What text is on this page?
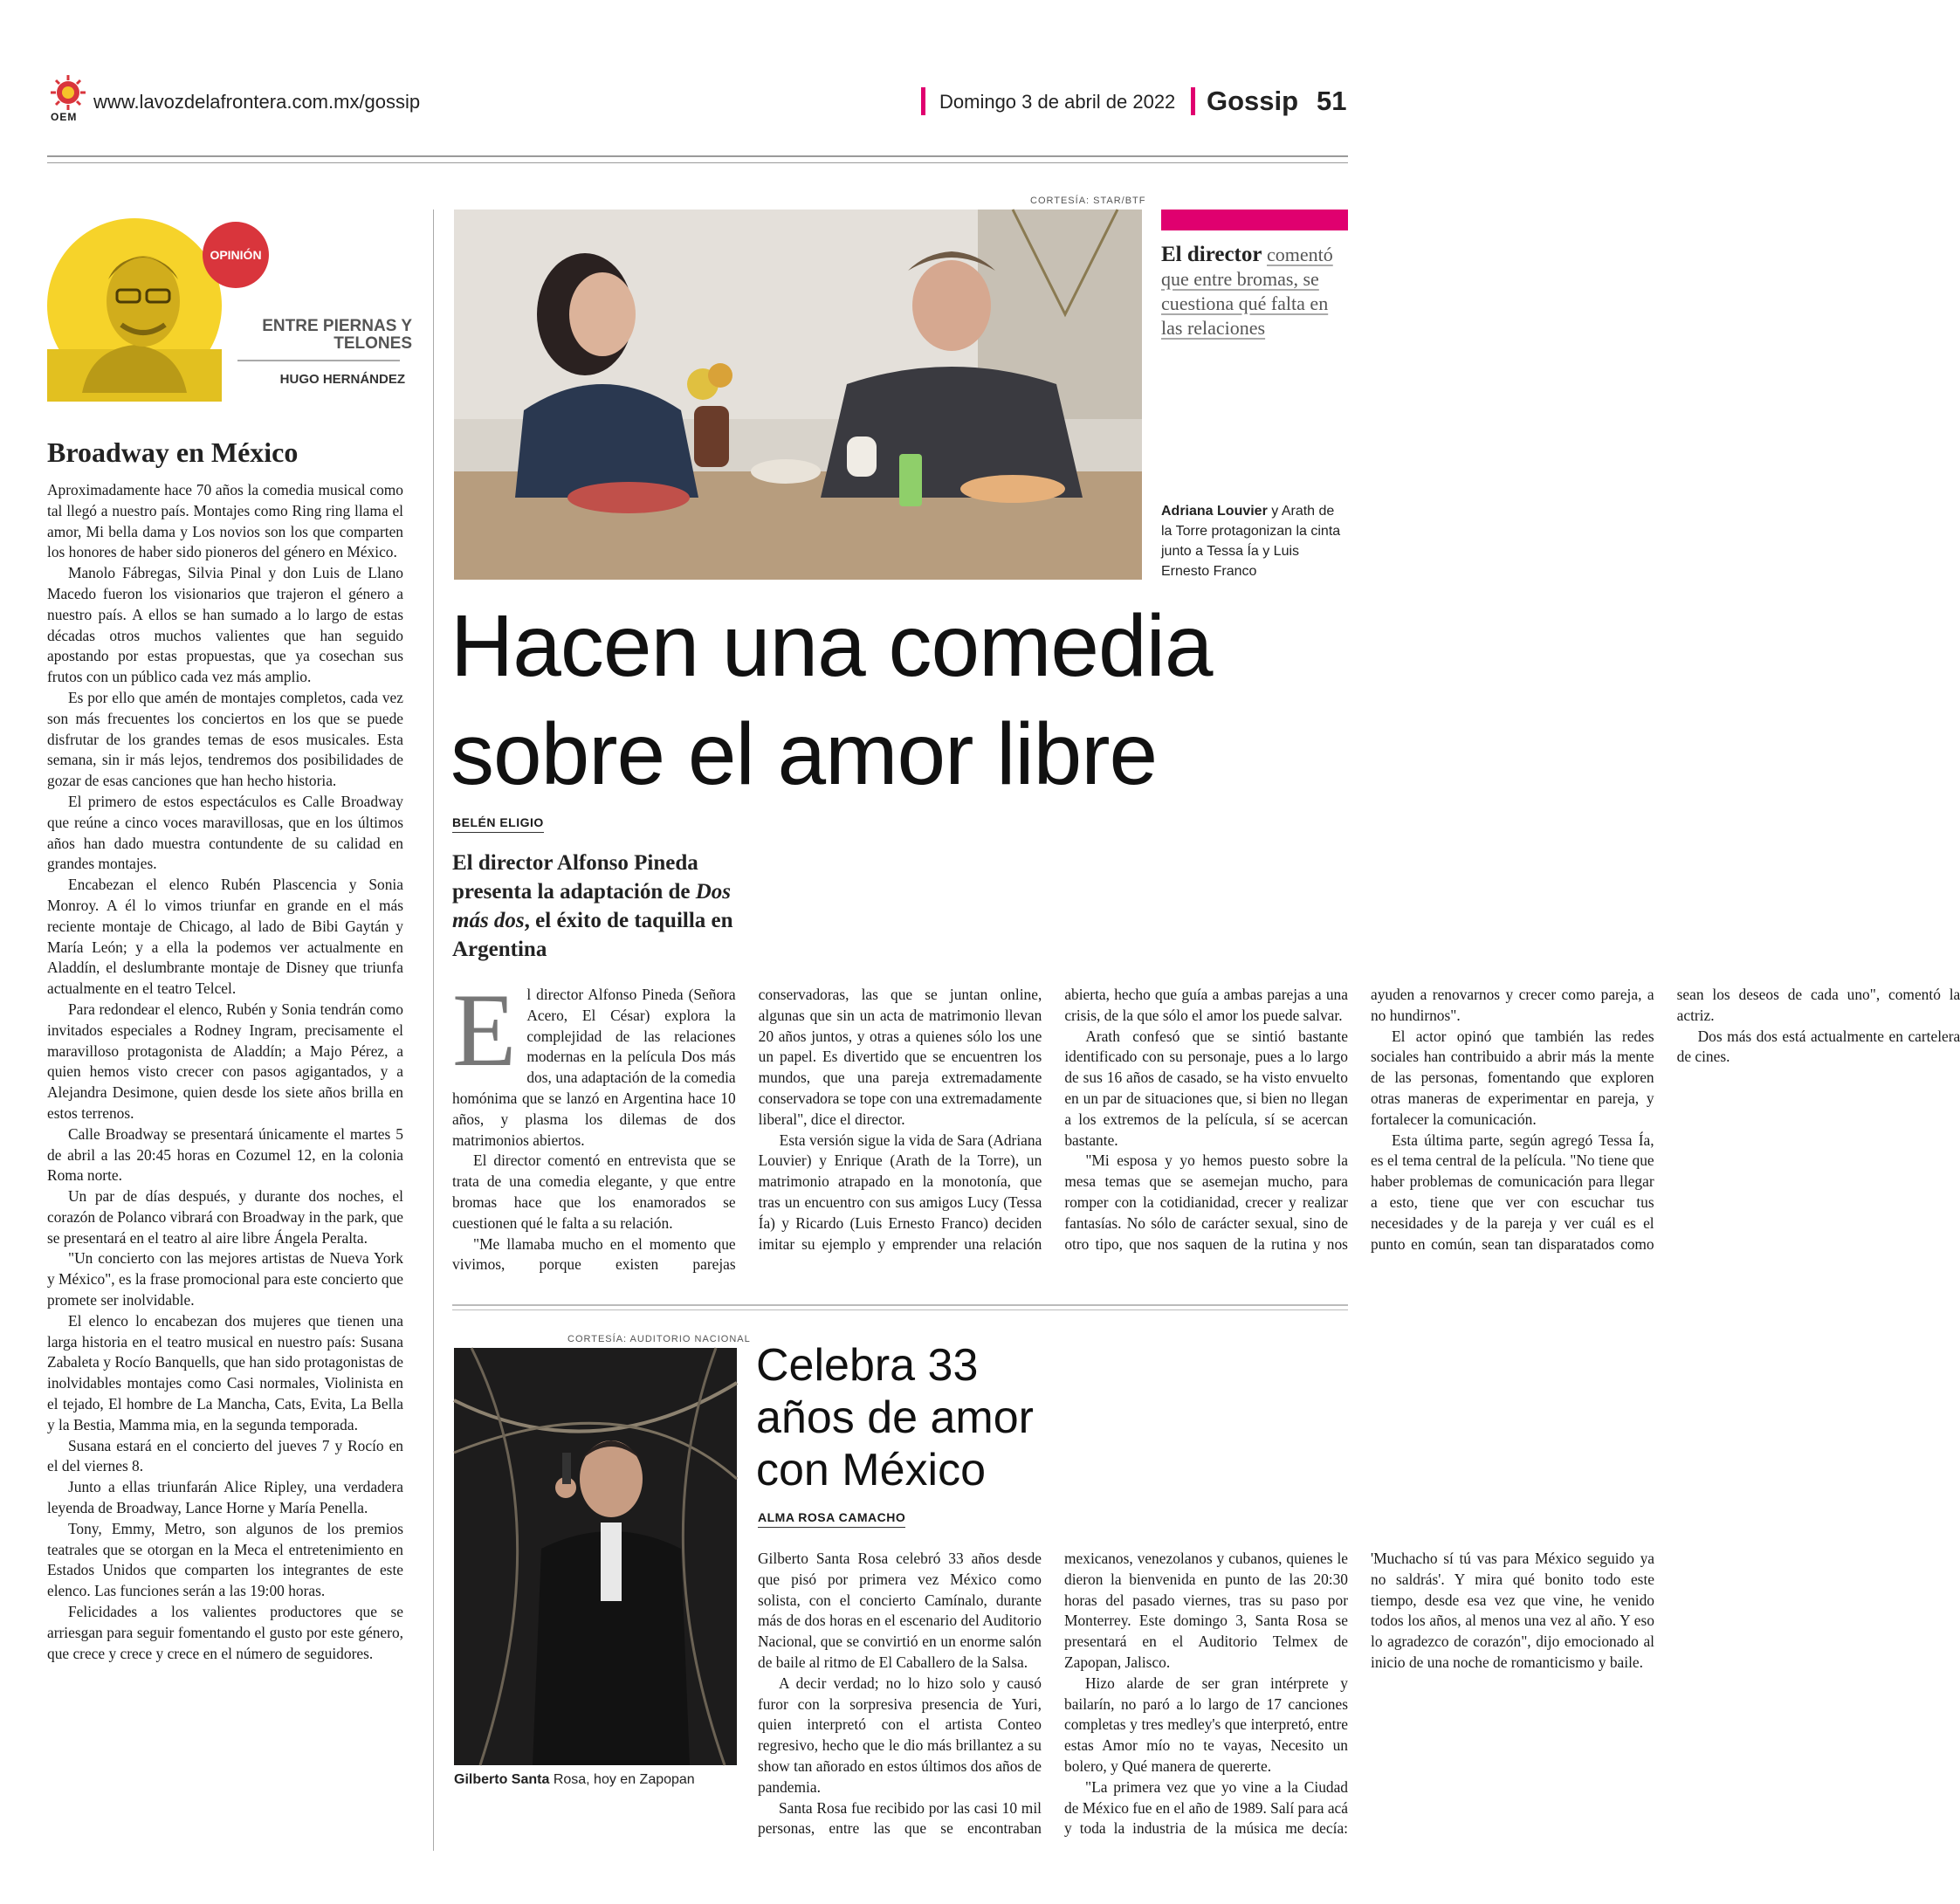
OEM
www.lavozdelafrontera.com.mx/gossip	Domingo 3 de abril de 2022 Gossip 51
OPINIÓN
ENTRE PIERNAS Y TELONES
HUGO HERNÁNDEZ
Broadway en México

Aproximadamente hace 70 años la comedia musical como tal llegó a nuestro país. Montajes como Ring ring llama el amor, Mi bella dama y Los novios son los que comparten los honores de haber sido pioneros del género en México.

Manolo Fábregas, Silvia Pinal y don Luis de Llano Macedo fueron los visionarios que trajeron el género a nuestro país. A ellos se han sumado a lo largo de estas décadas otros muchos valientes que han seguido apostando por estas propuestas, que ya cosechan sus frutos con un público cada vez más amplio.

Es por ello que amén de montajes completos, cada vez son más frecuentes los conciertos en los que se puede disfrutar de los grandes temas de esos musicales. Esta semana, sin ir más lejos, tendremos dos posibilidades de gozar de esas canciones que han hecho historia.

El primero de estos espectáculos es Calle Broadway que reúne a cinco voces maravillosas, que en los últimos años han dado muestra contundente de su calidad en grandes montajes.

Encabezan el elenco Rubén Plascencia y Sonia Monroy. A él lo vimos triunfar en grande en el más reciente montaje de Chicago, al lado de Bibi Gaytán y María León; y a ella la podemos ver actualmente en Aladdín, el deslumbrante montaje de Disney que triunfa actualmente en el teatro Telcel.

Para redondear el elenco, Rubén y Sonia tendrán como invitados especiales a Rodney Ingram, precisamente el maravilloso protagonista de Aladdín; a Majo Pérez, a quien hemos visto crecer con pasos agigantados, y a Alejandra Desimone, quien desde los siete años brilla en estos terrenos.

Calle Broadway se presentará únicamente el martes 5 de abril a las 20:45 horas en Cozumel 12, en la colonia Roma norte.

Un par de días después, y durante dos noches, el corazón de Polanco vibrará con Broadway in the park, que se presentará en el teatro al aire libre Ángela Peralta.

"Un concierto con las mejores artistas de Nueva York y México", es la frase promocional para este concierto que promete ser inolvidable.

El elenco lo encabezan dos mujeres que tienen una larga historia en el teatro musical en nuestro país: Susana Zabaleta y Rocío Banquells, que han sido protagonistas de inolvidables montajes como Casi normales, Violinista en el tejado, El hombre de La Mancha, Cats, Evita, La Bella y la Bestia, Mamma mia, en la segunda temporada.

Susana estará en el concierto del jueves 7 y Rocío en el del viernes 8.

Junto a ellas triunfarán Alice Ripley, una verdadera leyenda de Broadway, Lance Horne y María Penella.

Tony, Emmy, Metro, son algunos de los premios teatrales que se otorgan en la Meca el entretenimiento en Estados Unidos que comparten los integrantes de este elenco. Las funciones serán a las 19:00 horas.

Felicidades a los valientes productores que se arriesgan para seguir fomentando el gusto por este género, que crece y crece y crece en el número de seguidores.

CORTESÍA: STAR/BTF
El director comentó que entre bromas, se cuestiona qué falta en las relaciones
Adriana Louvier y Arath de la Torre protagonizan la cinta junto a Tessa Ía y Luis Ernesto Franco
Hacen una comedia sobre el amor libre
BELÉN ELIGIO
El director Alfonso Pineda presenta la adaptación de Dos más dos, el éxito de taquilla en Argentina

El director Alfonso Pineda (Señora Acero, El César) explora la complejidad de las relaciones modernas en la película Dos más dos, una adaptación de la comedia homónima que se lanzó en Argentina hace 10 años, y plasma los dilemas de dos matrimonios abiertos.

El director comentó en entrevista que se trata de una comedia elegante, y que entre bromas hace que los enamorados se cuestionen qué le falta a su relación.

"Me llamaba mucho en el momento que vivimos, porque existen parejas conservadoras, las que se juntan online, algunas que sin un acta de matrimonio llevan 20 años juntos, y otras a quienes sólo los une un papel. Es divertido que se encuentren los mundos, que una pareja extremadamente conservadora se tope con una extremadamente liberal", dice el director.

Esta versión sigue la vida de Sara (Adriana Louvier) y Enrique (Arath de la Torre), un matrimonio atrapado en la monotonía, que tras un encuentro con sus amigos Lucy (Tessa Ía) y Ricardo (Luis Ernesto Franco) deciden imitar su ejemplo y emprender una relación abierta, hecho que guía a ambas parejas a una crisis, de la que sólo el amor los puede salvar.

Arath confesó que se sintió bastante identificado con su personaje, pues a lo largo de sus 16 años de casado, se ha visto envuelto en un par de situaciones que, si bien no llegan a los extremos de la película, sí se acercan bastante.

"Mi esposa y yo hemos puesto sobre la mesa temas que se asemejan mucho, para romper con la cotidianidad, crecer y realizar fantasías. No sólo de carácter sexual, sino de otro tipo, que nos saquen de la rutina y nos ayuden a renovarnos y crecer como pareja, a no hundirnos".

El actor opinó que también las redes sociales han contribuido a abrir más la mente de las personas, fomentando que exploren otras maneras de experimentar en pareja, y fortalecer la comunicación.

Esta última parte, según agregó Tessa Ía, es el tema central de la película. "No tiene que haber problemas de comunicación para llegar a esto, tiene que ver con escuchar tus necesidades y de la pareja y ver cuál es el punto en común, sean tan disparatados como sean los deseos de cada uno", comentó la actriz.

Dos más dos está actualmente en cartelera de cines.

CORTESÍA: AUDITORIO NACIONAL
Gilberto Santa Rosa, hoy en Zapopan
Celebra 33 años de amor con México
ALMA ROSA CAMACHO

Gilberto Santa Rosa celebró 33 años desde que pisó por primera vez México como solista, con el concierto Camínalo, durante más de dos horas en el escenario del Auditorio Nacional, que se convirtió en un enorme salón de baile al ritmo de El Caballero de la Salsa.

A decir verdad; no lo hizo solo y causó furor con la sorpresiva presencia de Yuri, quien interpretó con el artista Conteo regresivo, hecho que le dio más brillantez a su show tan añorado en estos últimos dos años de pandemia.

Santa Rosa fue recibido por las casi 10 mil personas, entre las que se encontraban mexicanos, venezolanos y cubanos, quienes le dieron la bienvenida en punto de las 20:30 horas del pasado viernes, tras su paso por Monterrey. Este domingo 3, Santa Rosa se presentará en el Auditorio Telmex de Zapopan, Jalisco.

Hizo alarde de ser gran intérprete y bailarín, no paró a lo largo de 17 canciones completas y tres medley's que interpretó, entre estas Amor mío no te vayas, Necesito un bolero, y Qué manera de quererte.

"La primera vez que yo vine a la Ciudad de México fue en el año de 1989. Salí para acá y toda la industria de la música me decía: 'Muchacho sí tú vas para México seguido ya no saldrás'. Y mira qué bonito todo este tiempo, desde esa vez que vine, he venido todos los años, al menos una vez al año. Y eso lo agradezco de corazón", dijo emocionado al inicio de una noche de romanticismo y baile.
